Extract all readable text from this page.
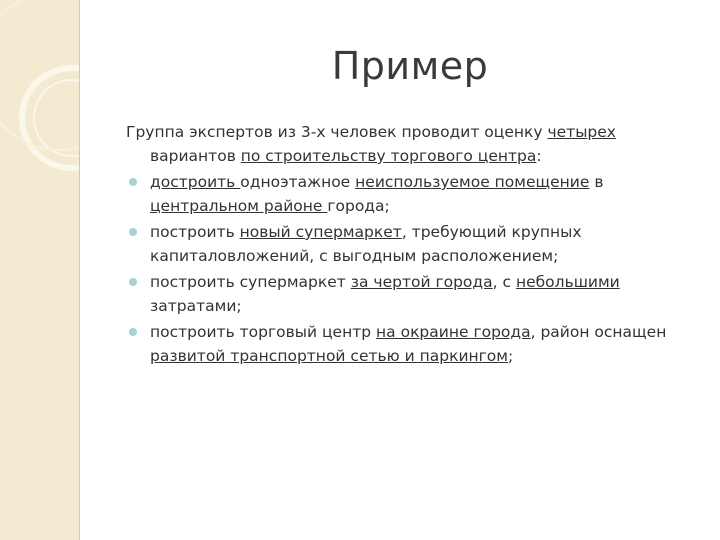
Пример

Группа экспертов из 3-х человек проводит оценку четырех вариантов по строительству торгового центра:

достроить одноэтажное неиспользуемое помещение в центральном районе города;
построить новый супермаркет, требующий крупных капиталовложений, с выгодным расположением;
построить супермаркет за чертой города, с небольшими затратами;
построить торговый центр на окраине города, район оснащен развитой транспортной сетью и паркингом;
